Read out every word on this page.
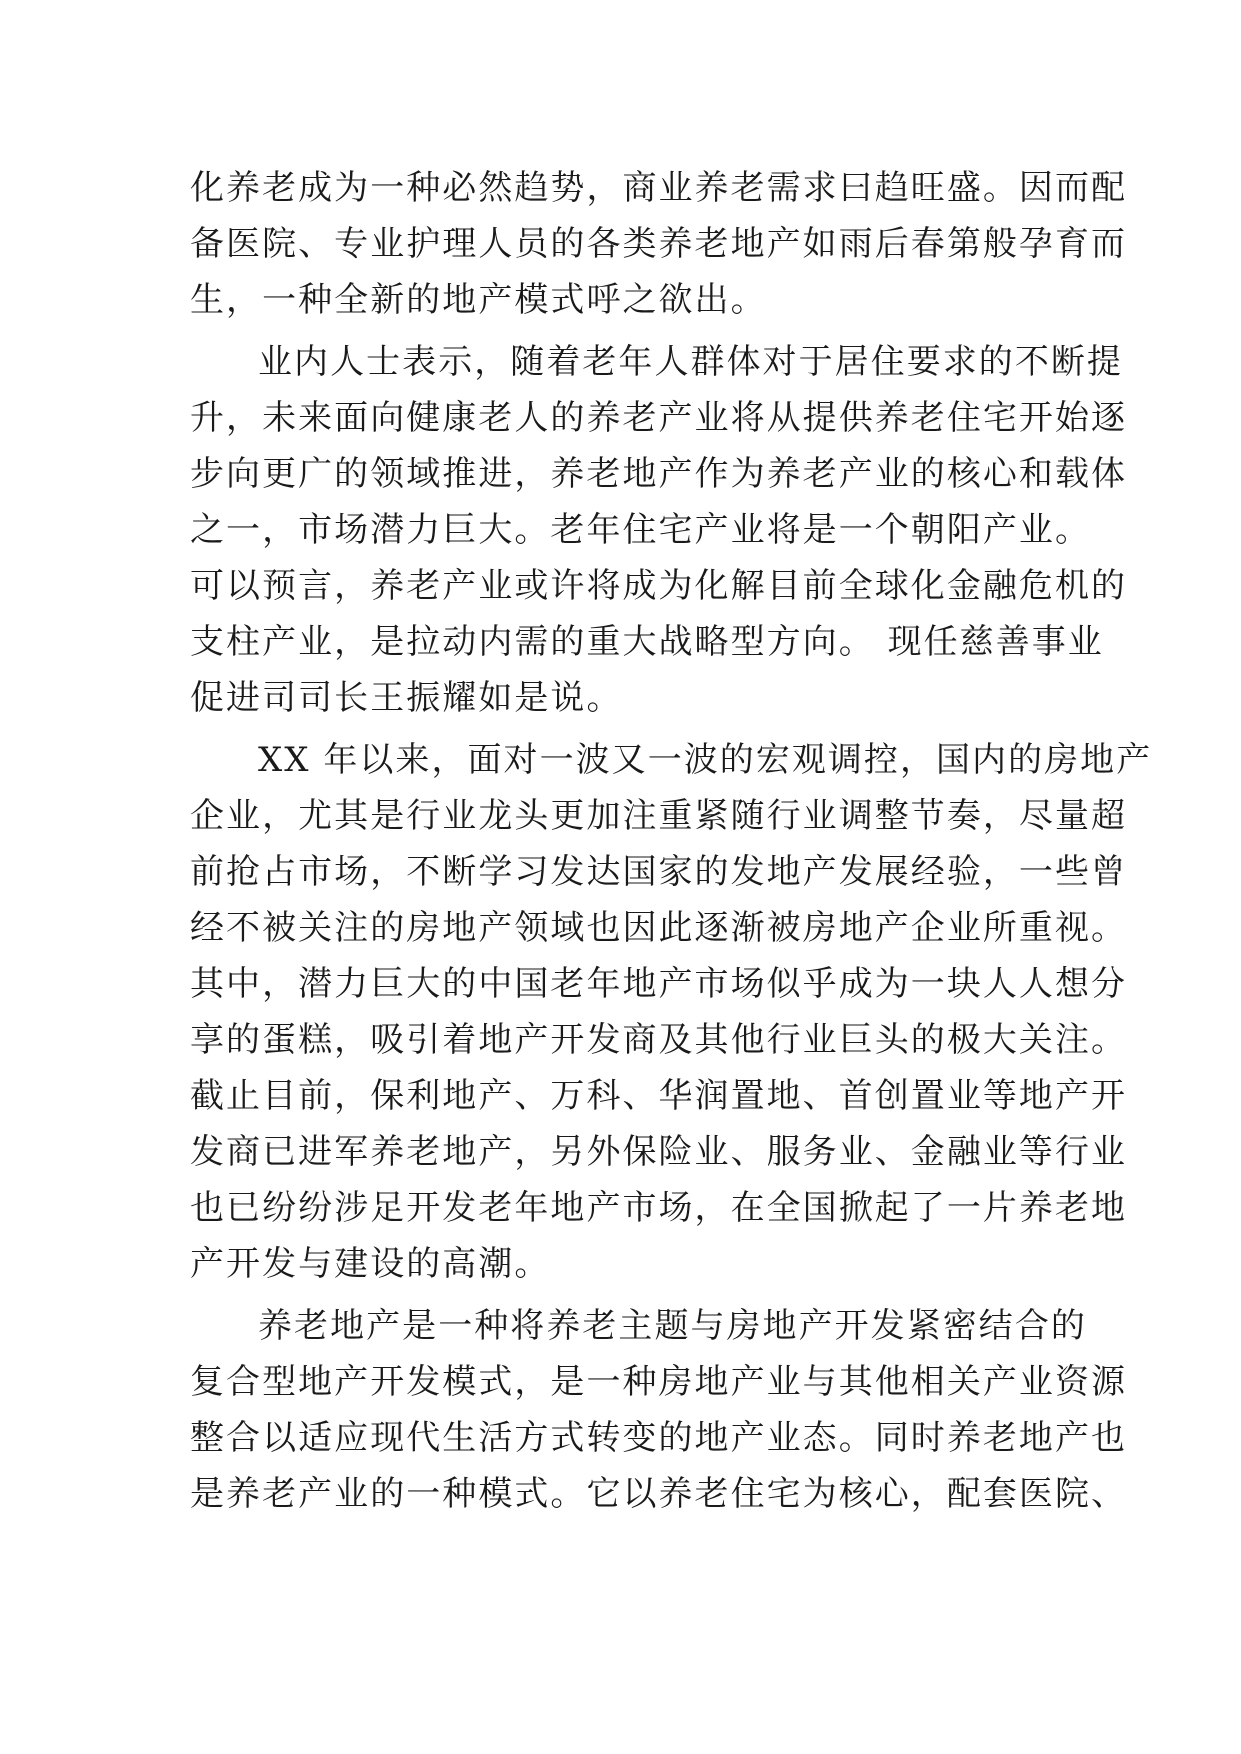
化养老成为一种必然趋势，商业养老需求曰趋旺盛。因而配
备医院、专业护理人员的各类养老地产如雨后春第般孕育而
生，一种全新的地产模式呼之欲出。
业内人士表示，随着老年人群体对于居住要求的不断提
升，未来面向健康老人的养老产业将从提供养老住宅开始逐
步向更广的领域推进，养老地产作为养老产业的核心和载体
之一，市场潜力巨大。老年住宅产业将是一个朝阳产业。
可以预言，养老产业或许将成为化解目前全球化金融危机的
支柱产业，是拉动内需的重大战略型方向。 现任慈善事业
促进司司长王振耀如是说。
XX 年以来，面对一波又一波的宏观调控，国内的房地产
企业，尤其是行业龙头更加注重紧随行业调整节奏，尽量超
前抢占市场，不断学习发达国家的发地产发展经验，一些曾
经不被关注的房地产领域也因此逐渐被房地产企业所重视。
其中，潜力巨大的中国老年地产市场似乎成为一块人人想分
享的蛋糕，吸引着地产开发商及其他行业巨头的极大关注。
截止目前，保利地产、万科、华润置地、首创置业等地产开
发商已进军养老地产，另外保险业、服务业、金融业等行业
也已纷纷涉足开发老年地产市场，在全国掀起了一片养老地
产开发与建设的高潮。
养老地产是一种将养老主题与房地产开发紧密结合的
复合型地产开发模式，是一种房地产业与其他相关产业资源
整合以适应现代生活方式转变的地产业态。同时养老地产也
是养老产业的一种模式。它以养老住宅为核心，配套医院、
